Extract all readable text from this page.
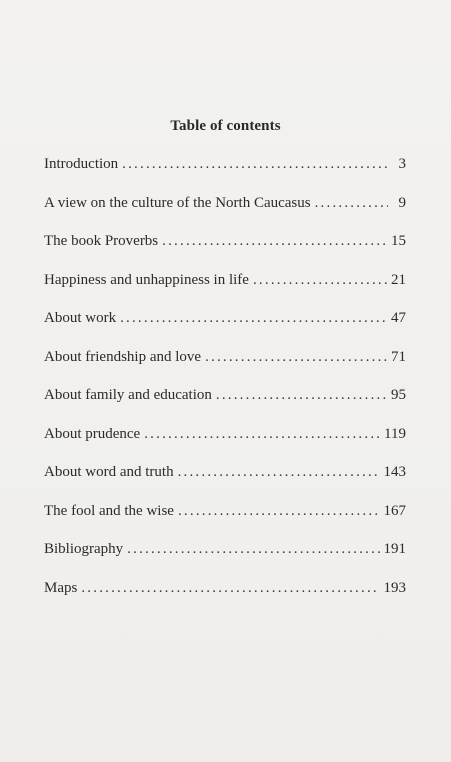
Table of contents
Introduction .....	3
A view on the culture of the North Caucasus .....	9
The book Proverbs .....	15
Happiness and unhappiness in life .....	21
About work .....	47
About friendship and love .....	71
About family and education .....	95
About prudence .....	119
About word and truth .....	143
The fool and the wise .....	167
Bibliography .....	191
Maps .....	193
